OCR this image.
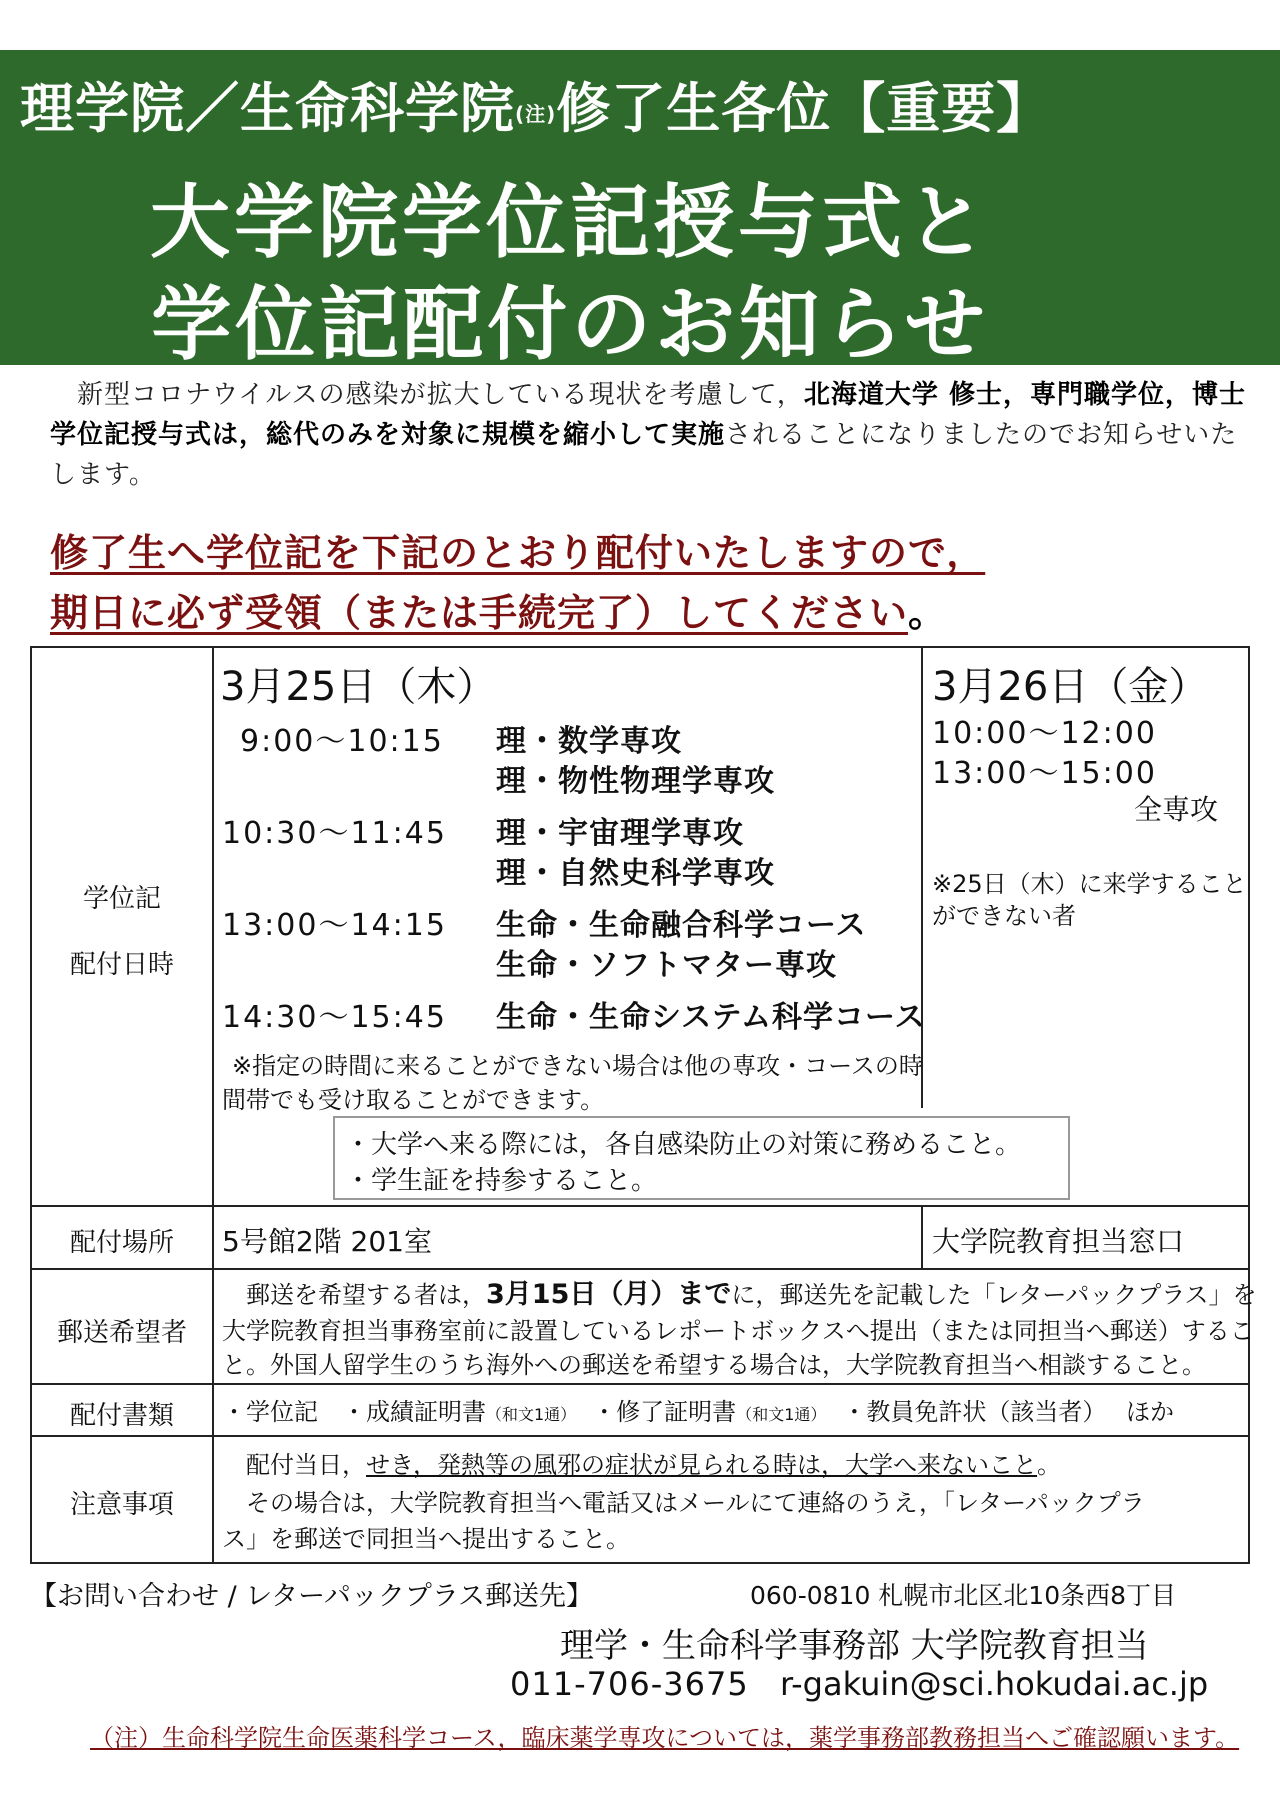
理学院／生命科学院(注)修了生各位【重要】
大学院学位記授与式と
学位記配付のお知らせ
　新型コロナウイルスの感染が拡大している現状を考慮して，北海道大学 修士，専門職学位，博士学位記授与式は，総代のみを対象に規模を縮小して実施されることになりましたのでお知らせいたします。
修了生へ学位記を下記のとおり配付いたしますので，
期日に必ず受領（または手続完了）してください。
学位記
配付日時
配付場所
郵送希望者
配付書類
注意事項
3月25日（木）
9:00〜10:15 理・数学専攻
理・物性物理学専攻
10:30〜11:45 理・宇宙理学専攻
理・自然史科学専攻
13:00〜14:15 生命・生命融合科学コース
生命・ソフトマター専攻
14:30〜15:45 生命・生命システム科学コース
※指定の時間に来ることができない場合は他の専攻・コースの時
間帯でも受け取ることができます。
3月26日（金）
10:00〜12:00
13:00〜15:00
全専攻
※25日（木）に来学すること
ができない者
・大学へ来る際には，各自感染防止の対策に務めること。
・学生証を持参すること。
5号館2階 201室	大学院教育担当窓口
　郵送を希望する者は，3月15日（月）までに，郵送先を記載した「レターパックプラス」を
大学院教育担当事務室前に設置しているレポートボックスへ提出（または同担当へ郵送）するこ
と。外国人留学生のうち海外への郵送を希望する場合は，大学院教育担当へ相談すること。
・学位記　・成績証明書（和文1通）　 ・修了証明書（和文1通）　 ・教員免許状（該当者）　 ほか
　配付当日，せき，発熱等の風邪の症状が見られる時は，大学へ来ないこと。
　その場合は，大学院教育担当へ電話又はメールにて連絡のうえ，「レターパックプラ
ス」を郵送で同担当へ提出すること。
【お問い合わせ / レターパックプラス郵送先】	060-0810 札幌市北区北10条西8丁目
理学・生命科学事務部 大学院教育担当
011-706-3675 r-gakuin@sci.hokudai.ac.jp
（注）生命科学院生命医薬科学コース，臨床薬学専攻については，薬学事務部教務担当へご確認願います。
